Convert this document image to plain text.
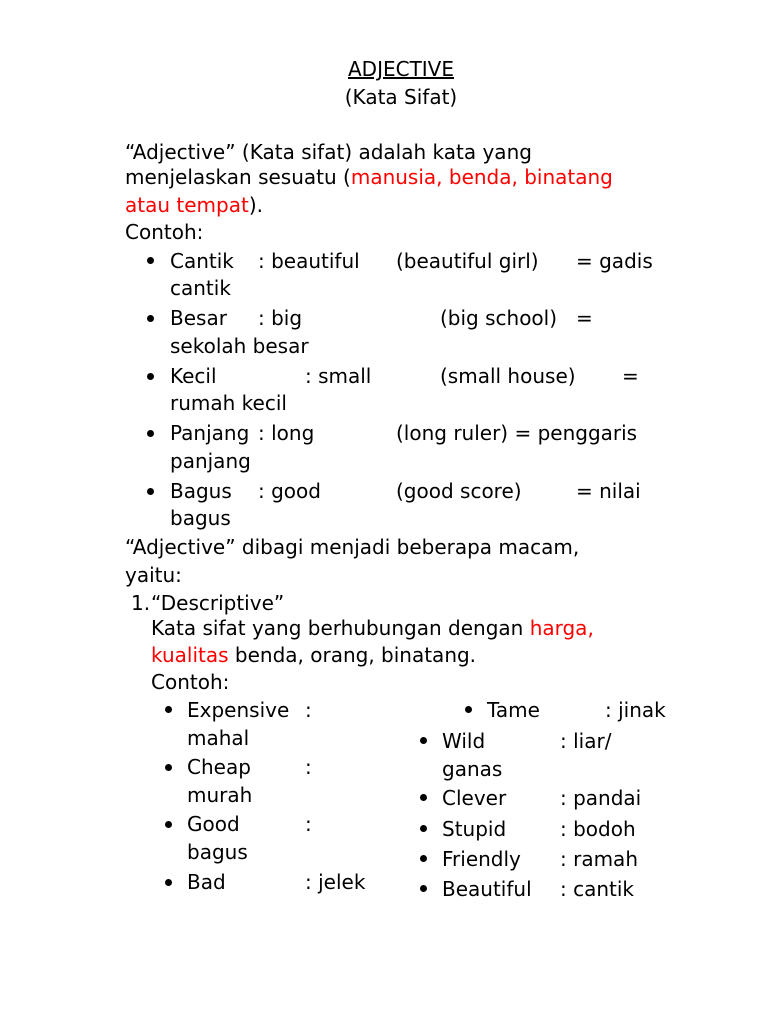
ADJECTIVE
(Kata Sifat)
“Adjective” (Kata sifat) adalah kata yang
menjelaskan sesuatu (manusia, benda, binatang
atau tempat).
Contoh:
Cantik : beautiful (beautiful girl) = gadis
cantik
Besar : big	(big school) =
sekolah besar
Kecil	: small	(small house) =
rumah kecil
Panjang : long	(long ruler) = penggaris
panjang
Bagus : good	(good score)	= nilai
bagus
“Adjective” dibagi menjadi beberapa macam,
yaitu:
1. “Descriptive”
Kata sifat yang berhubungan dengan harga,
kualitas benda, orang, binatang.
Contoh:
Expensive :
mahal
Cheap	:
murah
Good	:
bagus
Bad	: jelek
Tame	: jinak
Wild	: liar/
ganas
Clever	: pandai
Stupid	: bodoh
Friendly : ramah
Beautiful : cantik
